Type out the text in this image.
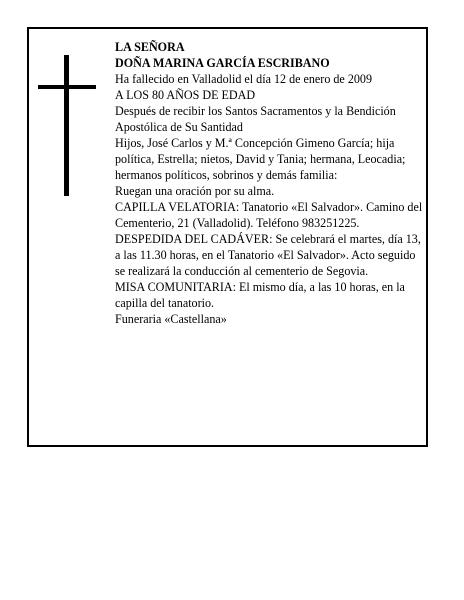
LA SEÑORA

DOÑA MARINA GARCÍA ESCRIBANO

Ha fallecido en Valladolid el día 12 de enero de 2009

A LOS 80 AÑOS DE EDAD

Después de recibir los Santos Sacramentos y la Bendición Apostólica de Su Santidad

Hijos, José Carlos y M.ª Concepción Gimeno García; hija política, Estrella; nietos, David y Tania; hermana, Leocadia; hermanos políticos, sobrinos y demás familia:

Ruegan una oración por su alma.

CAPILLA VELATORIA: Tanatorio «El Salvador». Camino del Cementerio, 21 (Valladolid). Teléfono 983251225.

DESPEDIDA DEL CADÁVER: Se celebrará el martes, día 13, a las 11.30 horas, en el Tanatorio «El Salvador». Acto seguido se realizará la conducción al cementerio de Segovia.

MISA COMUNITARIA: El mismo día, a las 10 horas, en la capilla del tanatorio.

Funeraria «Castellana»
